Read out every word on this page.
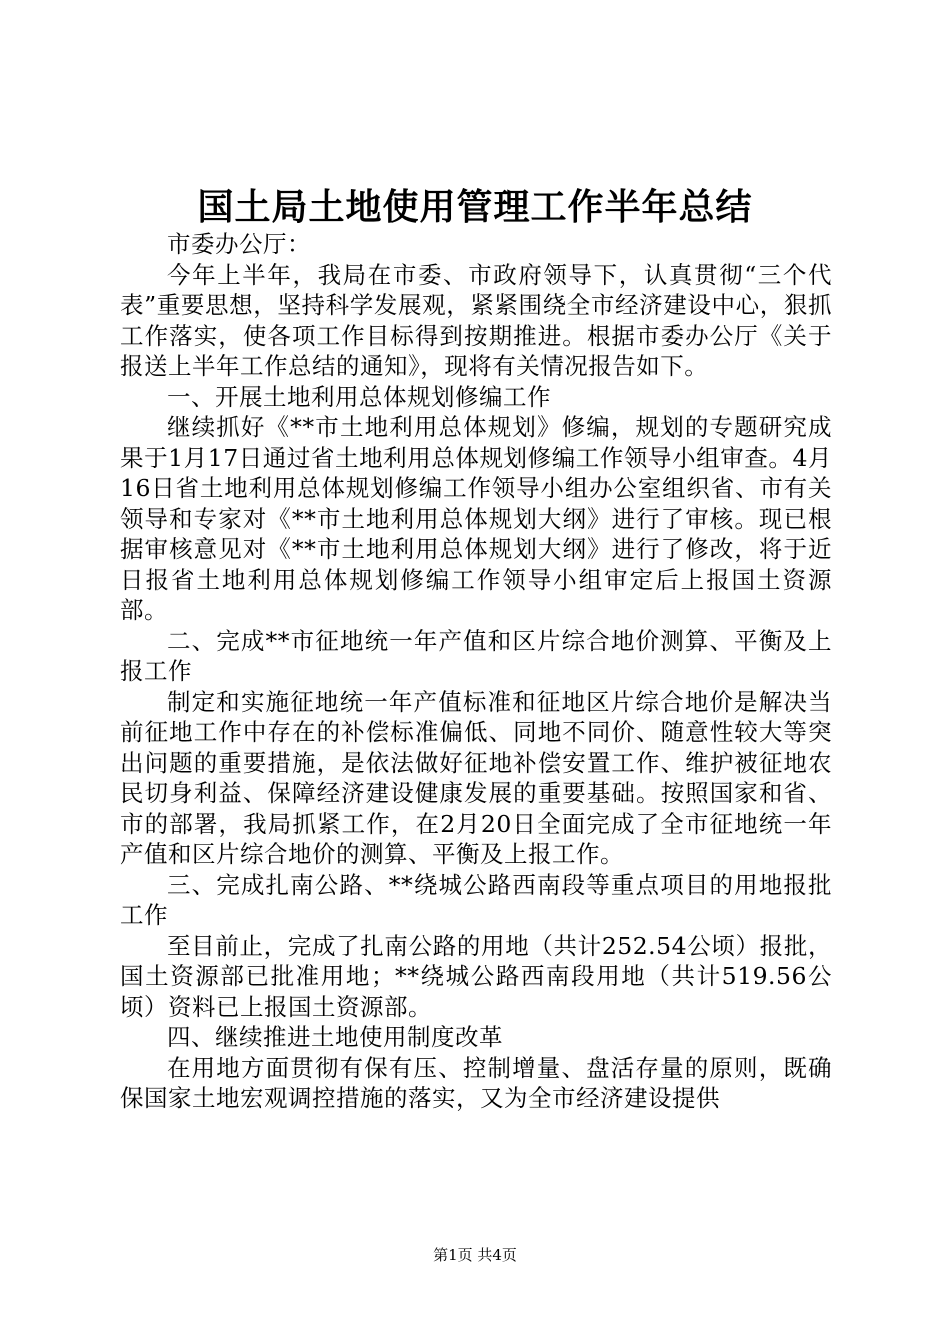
国土局土地使用管理工作半年总结

市委办公厅：

今年上半年，我局在市委、市政府领导下，认真贯彻“三个代表”重要思想，坚持科学发展观，紧紧围绕全市经济建设中心，狠抓工作落实，使各项工作目标得到按期推进。根据市委办公厅《关于报送上半年工作总结的通知》，现将有关情况报告如下。

一、开展土地利用总体规划修编工作

继续抓好《**市土地利用总体规划》修编，规划的专题研究成果于1月17日通过省土地利用总体规划修编工作领导小组审查。4月16日省土地利用总体规划修编工作领导小组办公室组织省、市有关领导和专家对《**市土地利用总体规划大纲》进行了审核。现已根据审核意见对《**市土地利用总体规划大纲》进行了修改，将于近日报省土地利用总体规划修编工作领导小组审定后上报国土资源部。

二、完成**市征地统一年产值和区片综合地价测算、平衡及上报工作

制定和实施征地统一年产值标准和征地区片综合地价是解决当前征地工作中存在的补偿标准偏低、同地不同价、随意性较大等突出问题的重要措施，是依法做好征地补偿安置工作、维护被征地农民切身利益、保障经济建设健康发展的重要基础。按照国家和省、市的部署，我局抓紧工作，在2月20日全面完成了全市征地统一年产值和区片综合地价的测算、平衡及上报工作。

三、完成扎南公路、**绕城公路西南段等重点项目的用地报批工作

至目前止，完成了扎南公路的用地（共计252.54公顷）报批，国土资源部已批准用地；**绕城公路西南段用地（共计519.56公顷）资料已上报国土资源部。

四、继续推进土地使用制度改革

在用地方面贯彻有保有压、控制增量、盘活存量的原则，既确保国家土地宏观调控措施的落实，又为全市经济建设提供

第1页 共4页
